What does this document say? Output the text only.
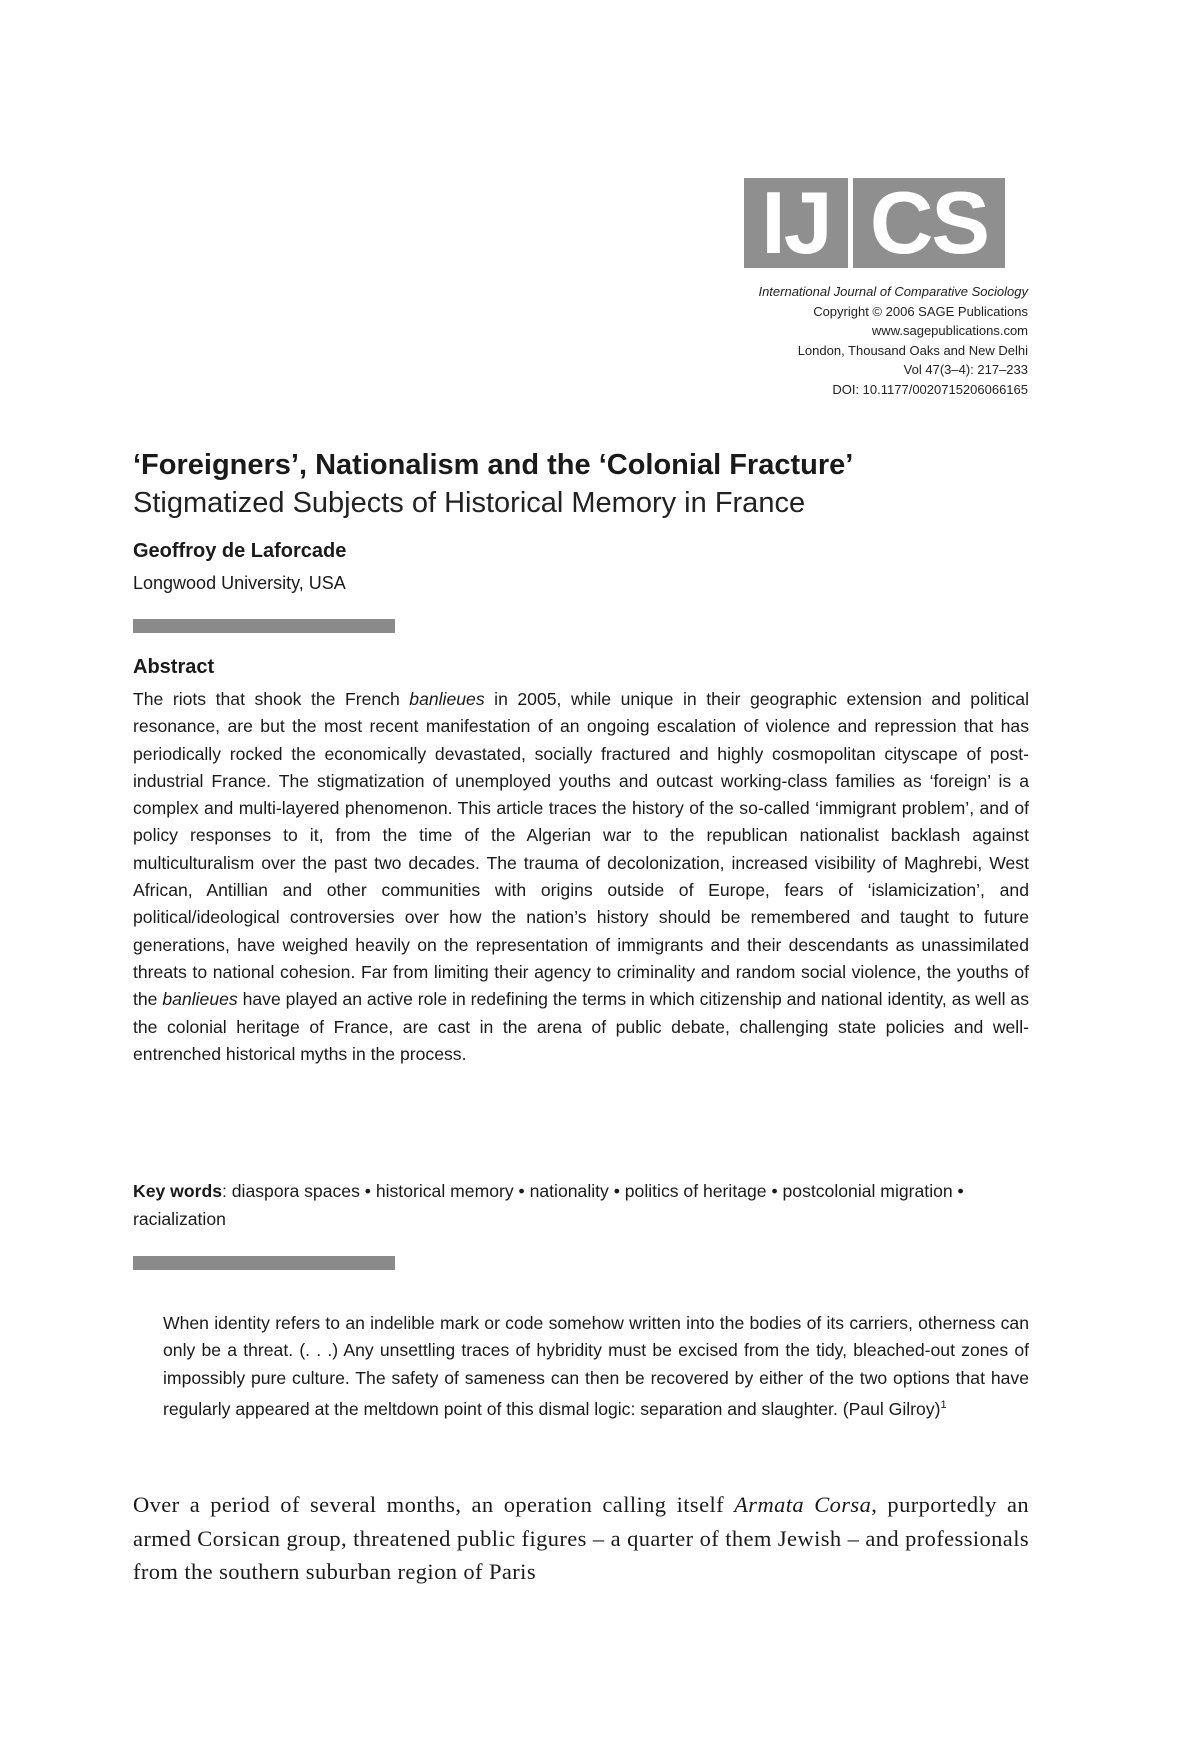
IJ CS
International Journal of Comparative Sociology
Copyright © 2006 SAGE Publications
www.sagepublications.com
London, Thousand Oaks and New Delhi
Vol 47(3–4): 217–233
DOI: 10.1177/0020715206066165
‘Foreigners’, Nationalism and the ‘Colonial Fracture’
Stigmatized Subjects of Historical Memory in France
Geoffroy de Laforcade
Longwood University, USA
Abstract

The riots that shook the French banlieues in 2005, while unique in their geographic extension and political resonance, are but the most recent manifestation of an ongoing escalation of violence and repression that has periodically rocked the economically devastated, socially fractured and highly cosmopolitan cityscape of post-industrial France. The stigmatization of unemployed youths and outcast working-class families as ‘foreign’ is a complex and multi-layered phenomenon. This article traces the history of the so-called ‘immigrant problem’, and of policy responses to it, from the time of the Algerian war to the republican nationalist backlash against multiculturalism over the past two decades. The trauma of decolonization, increased visibility of Maghrebi, West African, Antillian and other communities with origins outside of Europe, fears of ‘islamicization’, and political/ideological controversies over how the nation’s history should be remembered and taught to future generations, have weighed heavily on the representation of immigrants and their descendants as unassimilated threats to national cohesion. Far from limiting their agency to criminality and random social violence, the youths of the banlieues have played an active role in redefining the terms in which citizenship and national identity, as well as the colonial heritage of France, are cast in the arena of public debate, challenging state policies and well-entrenched historical myths in the process.

Key words: diaspora spaces • historical memory • nationality • politics of heritage • postcolonial migration • racialization

When identity refers to an indelible mark or code somehow written into the bodies of its carriers, otherness can only be a threat. (. . .) Any unsettling traces of hybridity must be excised from the tidy, bleached-out zones of impossibly pure culture. The safety of sameness can then be recovered by either of the two options that have regularly appeared at the meltdown point of this dismal logic: separation and slaughter. (Paul Gilroy)$^1$

Over a period of several months, an operation calling itself Armata Corsa, purportedly an armed Corsican group, threatened public figures – a quarter of them Jewish – and professionals from the southern suburban region of Paris
